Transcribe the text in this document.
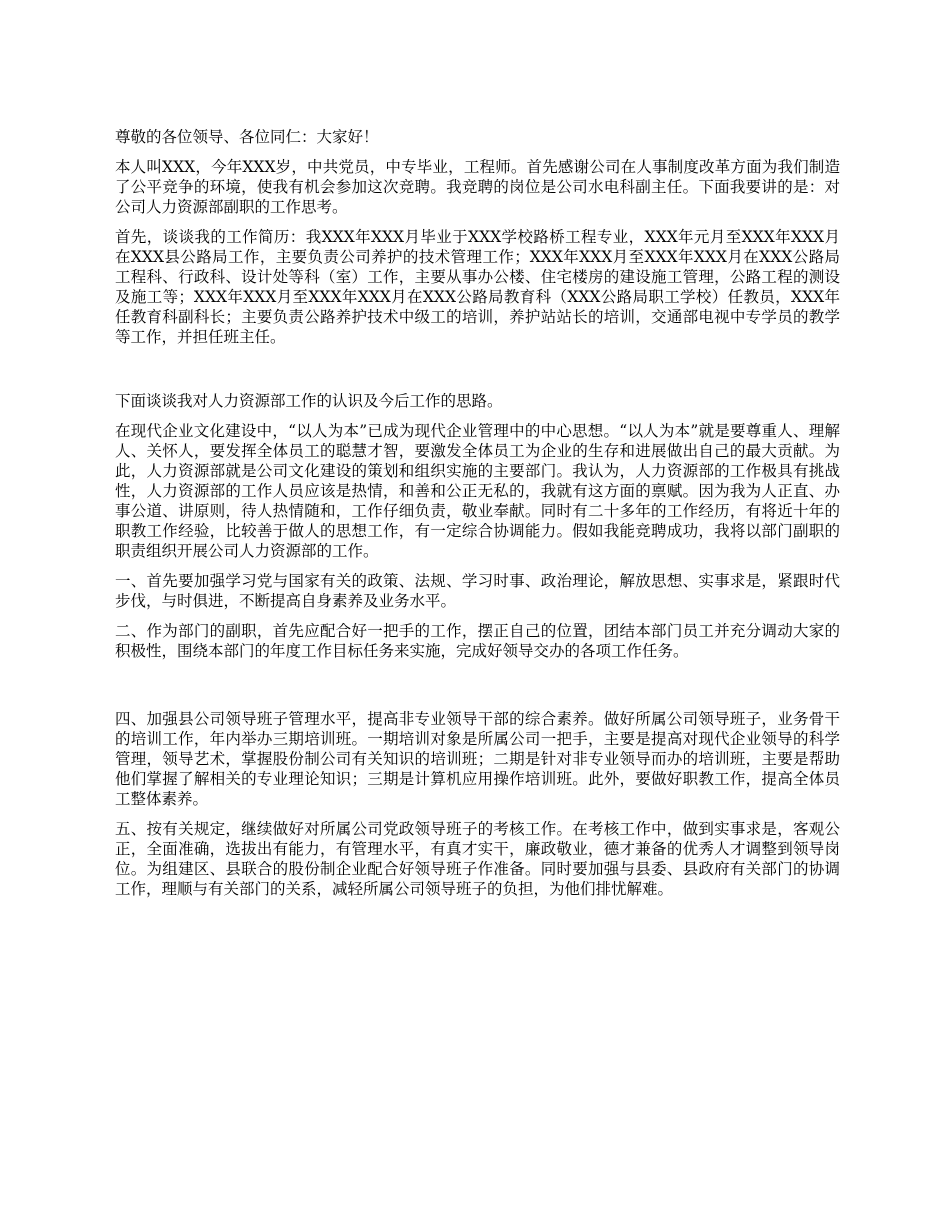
尊敬的各位领导、各位同仁：大家好！

本人叫XXX，今年XXX岁，中共党员，中专毕业，工程师。首先感谢公司在人事制度改革方面为我们制造了公平竞争的环境，使我有机会参加这次竞聘。我竞聘的岗位是公司水电科副主任。下面我要讲的是：对公司人力资源部副职的工作思考。

首先，谈谈我的工作简历：我XXX年XXX月毕业于XXX学校路桥工程专业，XXX年元月至XXX年XXX月在XXX县公路局工作，主要负责公司养护的技术管理工作；XXX年XXX月至XXX年XXX月在XXX公路局工程科、行政科、设计处等科（室）工作，主要从事办公楼、住宅楼房的建设施工管理，公路工程的测设及施工等；XXX年XXX月至XXX年XXX月在XXX公路局教育科（XXX公路局职工学校）任教员，XXX年任教育科副科长；主要负责公路养护技术中级工的培训，养护站站长的培训，交通部电视中专学员的教学等工作，并担任班主任。

下面谈谈我对人力资源部工作的认识及今后工作的思路。

在现代企业文化建设中，“以人为本”已成为现代企业管理中的中心思想。“以人为本”就是要尊重人、理解人、关怀人，要发挥全体员工的聪慧才智，要激发全体员工为企业的生存和进展做出自己的最大贡献。为此，人力资源部就是公司文化建设的策划和组织实施的主要部门。我认为，人力资源部的工作极具有挑战性，人力资源部的工作人员应该是热情，和善和公正无私的，我就有这方面的禀赋。因为我为人正直、办事公道、讲原则，待人热情随和，工作仔细负责，敬业奉献。同时有二十多年的工作经历，有将近十年的职教工作经验，比较善于做人的思想工作，有一定综合协调能力。假如我能竞聘成功，我将以部门副职的职责组织开展公司人力资源部的工作。

一、首先要加强学习党与国家有关的政策、法规、学习时事、政治理论，解放思想、实事求是，紧跟时代步伐，与时俱进，不断提高自身素养及业务水平。

二、作为部门的副职，首先应配合好一把手的工作，摆正自己的位置，团结本部门员工并充分调动大家的积极性，围绕本部门的年度工作目标任务来实施，完成好领导交办的各项工作任务。

四、加强县公司领导班子管理水平，提高非专业领导干部的综合素养。做好所属公司领导班子，业务骨干的培训工作，年内举办三期培训班。一期培训对象是所属公司一把手，主要是提高对现代企业领导的科学管理，领导艺术，掌握股份制公司有关知识的培训班；二期是针对非专业领导而办的培训班，主要是帮助他们掌握了解相关的专业理论知识；三期是计算机应用操作培训班。此外，要做好职教工作，提高全体员工整体素养。

五、按有关规定，继续做好对所属公司党政领导班子的考核工作。在考核工作中，做到实事求是，客观公正，全面准确，选拔出有能力，有管理水平，有真才实干，廉政敬业，德才兼备的优秀人才调整到领导岗位。为组建区、县联合的股份制企业配合好领导班子作准备。同时要加强与县委、县政府有关部门的协调工作，理顺与有关部门的关系，减轻所属公司领导班子的负担，为他们排忧解难。
